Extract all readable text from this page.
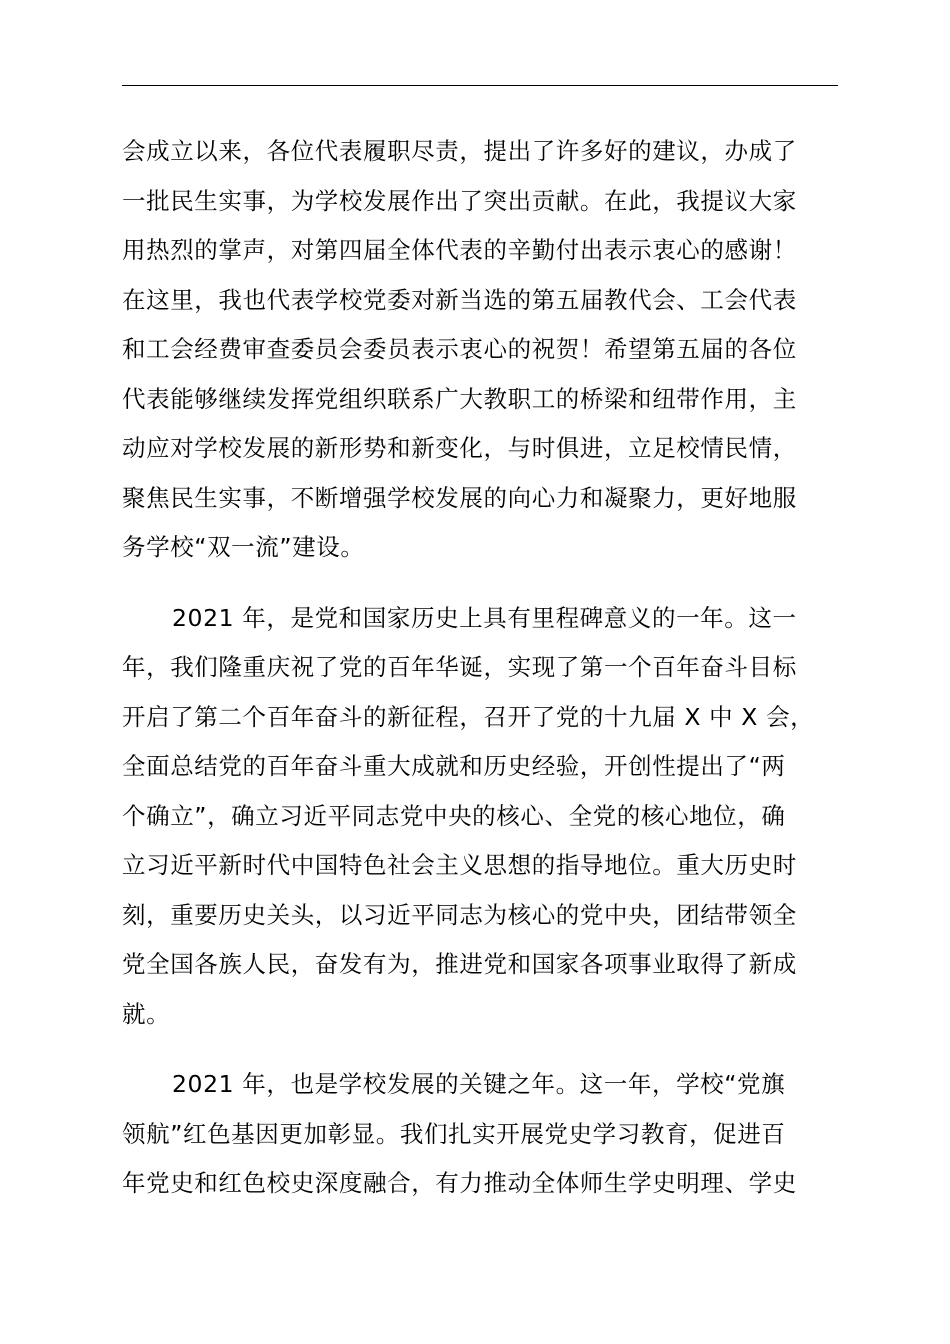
会成立以来，各位代表履职尽责，提出了许多好的建议，办成了
一批民生实事，为学校发展作出了突出贡献。在此，我提议大家
用热烈的掌声，对第四届全体代表的辛勤付出表示衷心的感谢！
在这里，我也代表学校党委对新当选的第五届教代会、工会代表
和工会经费审查委员会委员表示衷心的祝贺！希望第五届的各位
代表能够继续发挥党组织联系广大教职工的桥梁和纽带作用，主
动应对学校发展的新形势和新变化，与时俱进，立足校情民情，
聚焦民生实事，不断增强学校发展的向心力和凝聚力，更好地服
务学校“双一流”建设。
2021 年，是党和国家历史上具有里程碑意义的一年。这一
年，我们隆重庆祝了党的百年华诞，实现了第一个百年奋斗目标
开启了第二个百年奋斗的新征程，召开了党的十九届 X 中 X 会，
全面总结党的百年奋斗重大成就和历史经验，开创性提出了“两
个确立”，确立习近平同志党中央的核心、全党的核心地位，确
立习近平新时代中国特色社会主义思想的指导地位。重大历史时
刻，重要历史关头，以习近平同志为核心的党中央，团结带领全
党全国各族人民，奋发有为，推进党和国家各项事业取得了新成
就。
2021 年，也是学校发展的关键之年。这一年，学校“党旗
领航”红色基因更加彰显。我们扎实开展党史学习教育，促进百
年党史和红色校史深度融合，有力推动全体师生学史明理、学史
